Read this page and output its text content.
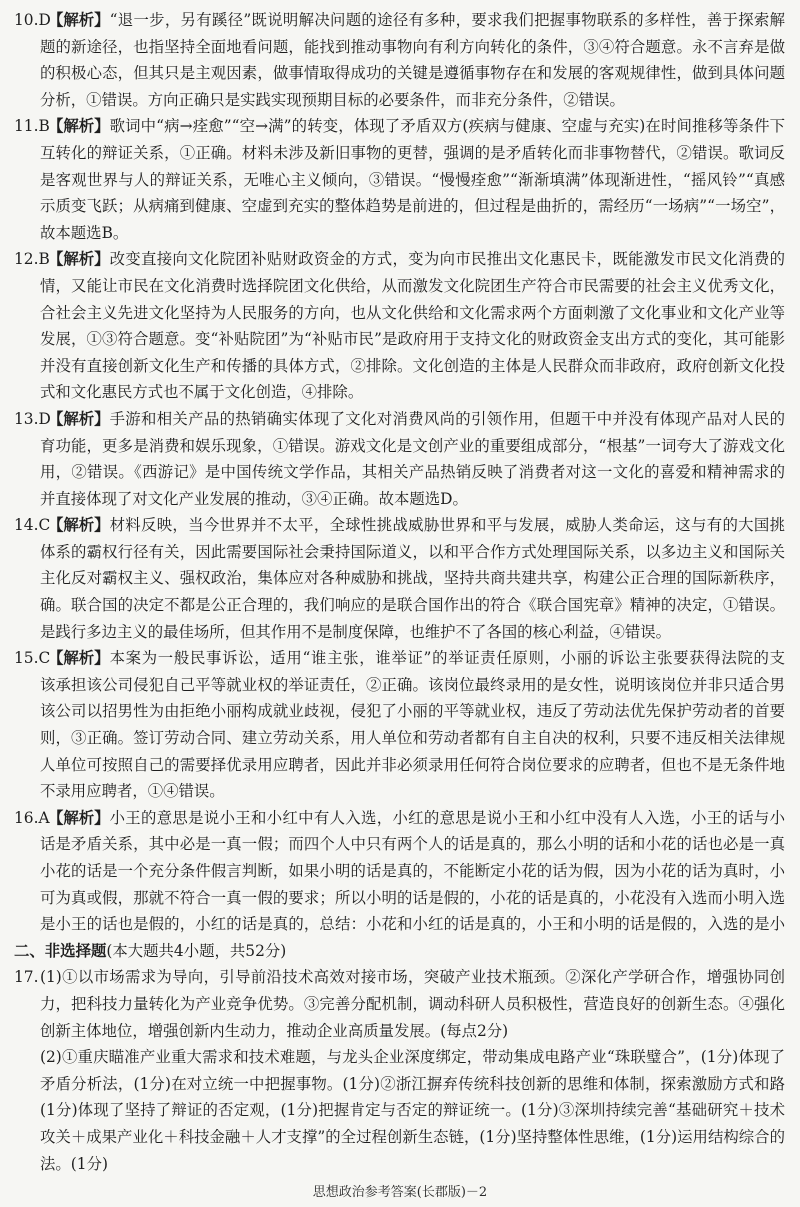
10.D
【解析】 “退一步，另有蹊径”既说明解决问题的途径有多种，要求我们把握事物联系的多样性，善于探索解
题的新途径，也指坚持全面地看问题，能找到推动事物向有利方向转化的条件，③④符合题意。永不言弃是做
的积极心态，但其只是主观因素，做事情取得成功的关键是遵循事物存在和发展的客观规律性，做到具体问题
分析，①错误。方向正确只是实践实现预期目标的必要条件，而非充分条件，②错误。
11.B
【解析】 歌词中“病→痊愈”“空→满”的转变，体现了矛盾双方(疾病与健康、空虚与充实)在时间推移等条件下
互转化的辩证关系，①正确。材料未涉及新旧事物的更替，强调的是矛盾转化而非事物替代，②错误。歌词反
是客观世界与人的辩证关系，无唯心主义倾向，③错误。“慢慢痊愈”“渐渐填满”体现渐进性，“摇风铃”“真感
示质变飞跃；从病痛到健康、空虚到充实的整体趋势是前进的，但过程是曲折的，需经历“一场病”“一场空”，
故本题选B。
12.B
【解析】 改变直接向文化院团补贴财政资金的方式，变为向市民推出文化惠民卡，既能激发市民文化消费的
情，又能让市民在文化消费时选择院团文化供给，从而激发文化院团生产符合市民需要的社会主义优秀文化，
合社会主义先进文化坚持为人民服务的方向，也从文化供给和文化需求两个方面刺激了文化事业和文化产业等
发展，①③符合题意。变“补贴院团”为“补贴市民”是政府用于支持文化的财政资金支出方式的变化，其可能影
并没有直接创新文化生产和传播的具体方式，②排除。文化创造的主体是人民群众而非政府，政府创新文化投
式和文化惠民方式也不属于文化创造，④排除。
13.D
【解析】 手游和相关产品的热销确实体现了文化对消费风尚的引领作用，但题干中并没有体现产品对人民的
育功能，更多是消费和娱乐现象，①错误。游戏文化是文创产业的重要组成部分，“根基”一词夸大了游戏文化
用，②错误。《西游记》是中国传统文学作品，其相关产品热销反映了消费者对这一文化的喜爱和精神需求的
并直接体现了对文化产业发展的推动，③④正确。故本题选D。
14.C
【解析】 材料反映，当今世界并不太平，全球性挑战威胁世界和平与发展，威胁人类命运，这与有的大国挑
体系的霸权行径有关，因此需要国际社会秉持国际道义，以和平合作方式处理国际关系，以多边主义和国际关
主化反对霸权主义、强权政治，集体应对各种威胁和挑战，坚持共商共建共享，构建公正合理的国际新秩序，
确。联合国的决定不都是公正合理的，我们响应的是联合国作出的符合《联合国宪章》精神的决定，①错误。
是践行多边主义的最佳场所，但其作用不是制度保障，也维护不了各国的核心利益，④错误。
15.C
【解析】 本案为一般民事诉讼，适用“谁主张，谁举证”的举证责任原则，小丽的诉讼主张要获得法院的支
该承担该公司侵犯自己平等就业权的举证责任，②正确。该岗位最终录用的是女性，说明该岗位并非只适合男
该公司以招男性为由拒绝小丽构成就业歧视，侵犯了小丽的平等就业权，违反了劳动法优先保护劳动者的首要
则，③正确。签订劳动合同、建立劳动关系，用人单位和劳动者都有自主自决的权利，只要不违反相关法律规
人单位可按照自己的需要择优录用应聘者，因此并非必须录用任何符合岗位要求的应聘者，但也不是无条件地
不录用应聘者，①④错误。
16.A
【解析】 小王的意思是说小王和小红中有人入选，小红的意思是说小王和小红中没有人入选，小王的话与小
话是矛盾关系，其中必是一真一假；而四个人中只有两个人的话是真的，那么小明的话和小花的话也必是一真
小花的话是一个充分条件假言判断，如果小明的话是真的，不能断定小花的话为假，因为小花的话为真时，小
可为真或假，那就不符合一真一假的要求；所以小明的话是假的，小花的话是真的，小花没有入选而小明入选
是小王的话也是假的，小红的话是真的，总结：小花和小红的话是真的，小王和小明的话是假的，入选的是小
二、非选择题(本大题共4小题，共52分)
17. (1)①以市场需求为导向，引导前沿技术高效对接市场，突破产业技术瓶颈。②深化产学研合作，增强协同创
力，把科技力量转化为产业竞争优势。③完善分配机制，调动科研人员积极性，营造良好的创新生态。④强化
创新主体地位，增强创新内生动力，推动企业高质量发展。(每点2分)
(2)①重庆瞄准产业重大需求和技术难题，与龙头企业深度绑定，带动集成电路产业“珠联璧合”，(1分)体现了
矛盾分析法，(1分)在对立统一中把握事物。(1分)②浙江摒弃传统科技创新的思维和体制，探索激励方式和路
(1分)体现了坚持了辩证的否定观，(1分)把握肯定与否定的辩证统一。(1分)③深圳持续完善“基础研究＋技术
攻关＋成果产业化＋科技金融＋人才支撑”的全过程创新生态链，(1分)坚持整体性思维，(1分)运用结构综合的
法。(1分)
思想政治参考答案(长郡版)－2
